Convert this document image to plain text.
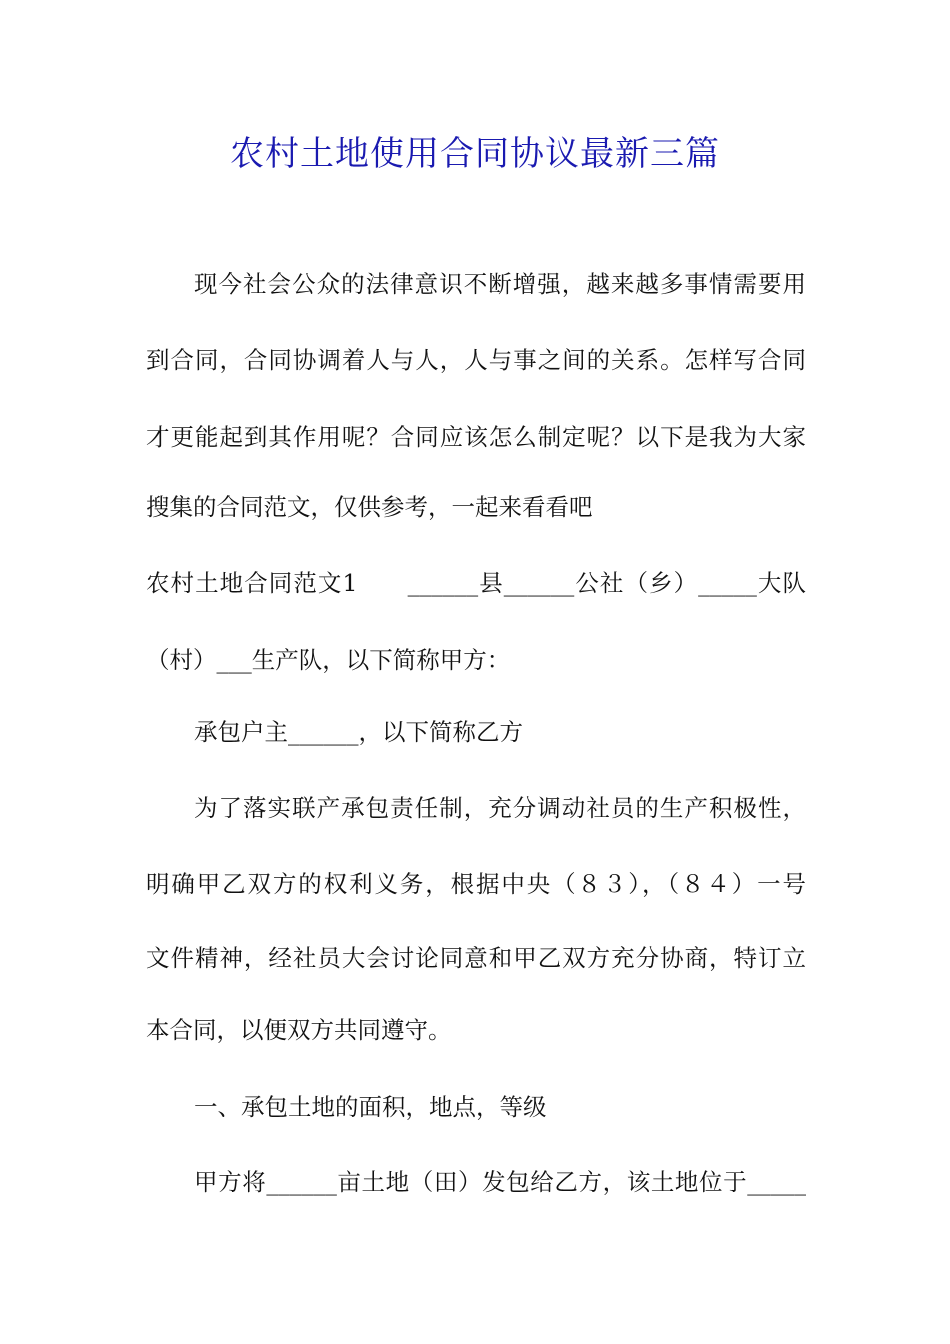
农村土地使用合同协议最新三篇
现今社会公众的法律意识不断增强，越来越多事情需要用
到合同，合同协调着人与人，人与事之间的关系。怎样写合同
才更能起到其作用呢？合同应该怎么制定呢？以下是我为大家
搜集的合同范文，仅供参考，一起来看看吧
农村土地合同范文1　　______县______公社（乡）_____大队
（村）___生产队，以下简称甲方：
承包户主______，以下简称乙方
为了落实联产承包责任制，充分调动社员的生产积极性，
明确甲乙双方的权利义务，根据中央（８３），（８４）一号
文件精神，经社员大会讨论同意和甲乙双方充分协商，特订立
本合同，以便双方共同遵守。
一、承包土地的面积，地点，等级
甲方将______亩土地（田）发包给乙方，该土地位于_____
